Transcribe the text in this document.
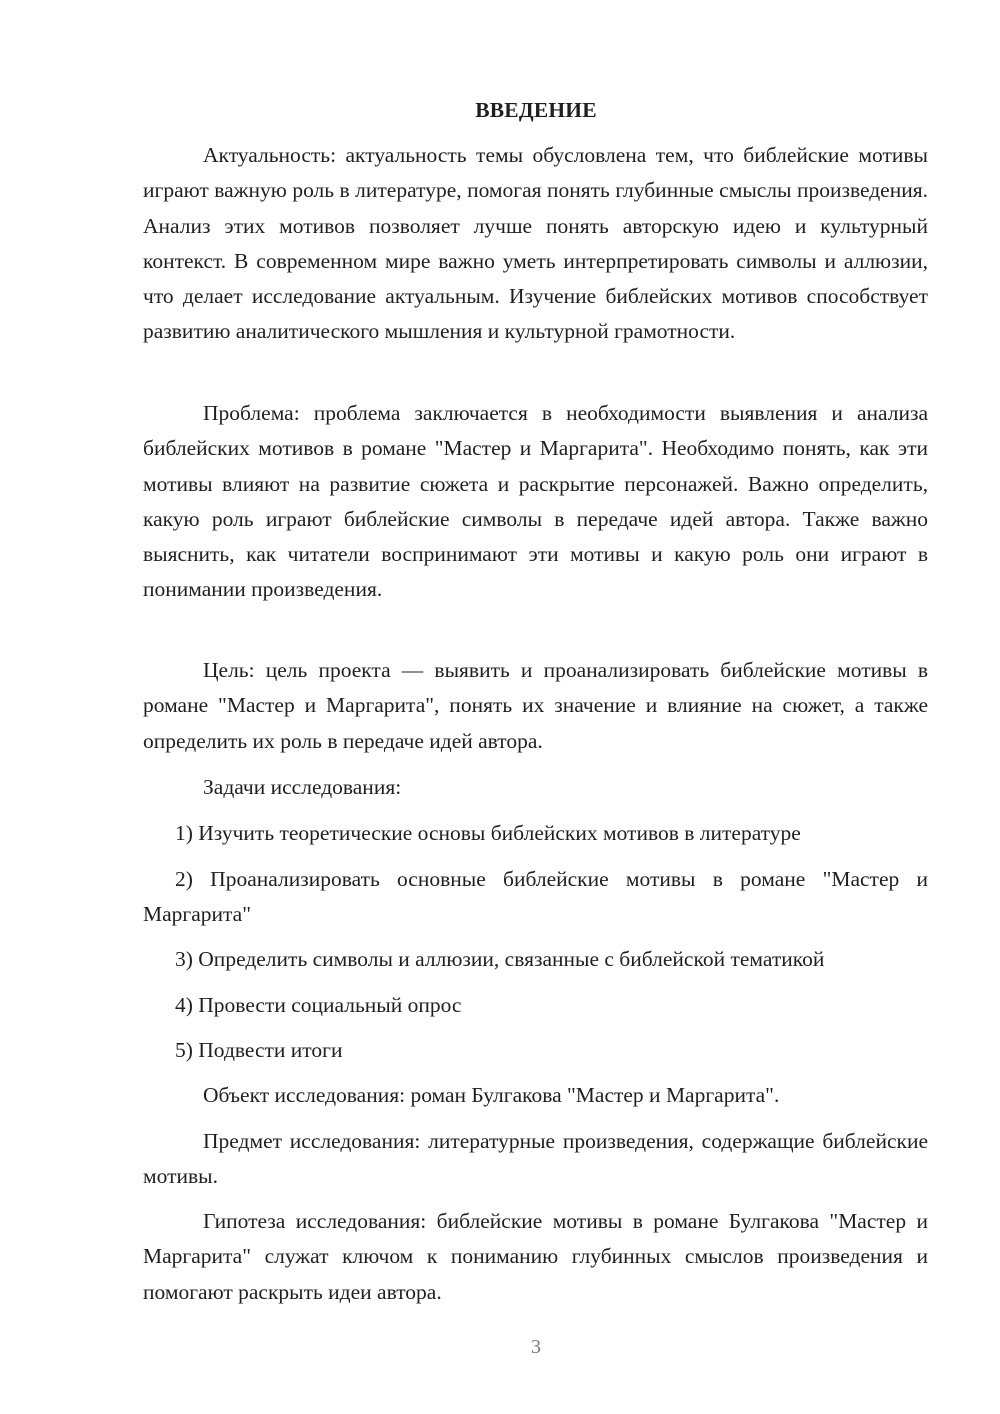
ВВЕДЕНИЕ

Актуальность: актуальность темы обусловлена тем, что библейские мотивы играют важную роль в литературе, помогая понять глубинные смыслы произведения. Анализ этих мотивов позволяет лучше понять авторскую идею и культурный контекст. В современном мире важно уметь интерпретировать символы и аллюзии, что делает исследование актуальным. Изучение библейских мотивов способствует развитию аналитического мышления и культурной грамотности.

Проблема: проблема заключается в необходимости выявления и анализа библейских мотивов в романе "Мастер и Маргарита". Необходимо понять, как эти мотивы влияют на развитие сюжета и раскрытие персонажей. Важно определить, какую роль играют библейские символы в передаче идей автора. Также важно выяснить, как читатели воспринимают эти мотивы и какую роль они играют в понимании произведения.

Цель: цель проекта — выявить и проанализировать библейские мотивы в романе "Мастер и Маргарита", понять их значение и влияние на сюжет, а также определить их роль в передаче идей автора.

Задачи исследования:

1) Изучить теоретические основы библейских мотивов в литературе

2) Проанализировать основные библейские мотивы в романе "Мастер и Маргарита"

3) Определить символы и аллюзии, связанные с библейской тематикой

4) Провести социальный опрос

5) Подвести итоги

Объект исследования: роман Булгакова "Мастер и Маргарита".

Предмет исследования: литературные произведения, содержащие библейские мотивы.

Гипотеза исследования: библейские мотивы в романе Булгакова "Мастер и Маргарита" служат ключом к пониманию глубинных смыслов произведения и помогают раскрыть идеи автора.

3
